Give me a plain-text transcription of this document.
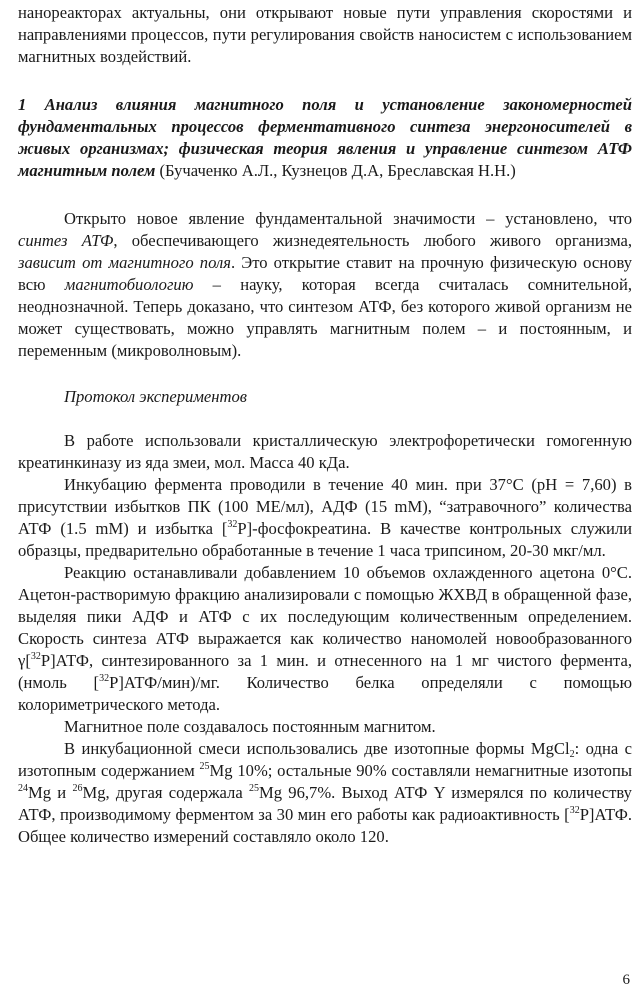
нанореакторах актуальны, они открывают новые пути управления скоростями и направлениями процессов, пути регулирования свойств наносистем с использованием магнитных воздействий.

1 Анализ влияния магнитного поля и установление закономерностей фундаментальных процессов ферментативного синтеза энергоносителей в живых организмах; физическая теория явления и управление синтезом АТФ магнитным полем (Бучаченко А.Л., Кузнецов Д.А, Бреславская Н.Н.)

Открыто новое явление фундаментальной значимости – установлено, что синтез АТФ, обеспечивающего жизнедеятельность любого живого организма, зависит от магнитного поля. Это открытие ставит на прочную физическую основу всю магнитобиологию – науку, которая всегда считалась сомнительной, неоднозначной. Теперь доказано, что синтезом АТФ, без которого живой организм не может существовать, можно управлять магнитным полем – и постоянным, и переменным (микроволновым).

Протокол экспериментов

В работе использовали кристаллическую электрофоретически гомогенную креатинкиназу из яда змеи, мол. Масса 40 кДа.

Инкубацию фермента проводили в течение 40 мин. при 37°С (рН = 7,60) в присутствии избытков ПК (100 МЕ/мл), АДФ (15 mM), “затравочного” количества АТФ (1.5 mM) и избытка [$^{32}$Р]-фосфокреатина. В качестве контрольных служили образцы, предварительно обработанные в течение 1 часа трипсином, 20-30 мкг/мл.

Реакцию останавливали добавлением 10 объемов охлажденного ацетона 0°С. Ацетон-растворимую фракцию анализировали с помощью ЖХВД в обращенной фазе, выделяя пики АДФ и АТФ с их последующим количественным определением. Скорость синтеза АТФ выражается как количество наномолей новообразованного γ[$^{32}$Р]АТФ, синтезированного за 1 мин. и отнесенного на 1 мг чистого фермента, (нмоль [$^{32}$Р]АТФ/мин)/мг. Количество белка определяли с помощью колориметрического метода.

Магнитное поле создавалось постоянным магнитом.

В инкубационной смеси использовались две изотопные формы MgCl$_2$: одна с изотопным содержанием $^{25}$Mg 10%; остальные 90% составляли немагнитные изотопы $^{24}$Mg и $^{26}$Mg, другая содержала $^{25}$Mg 96,7%. Выход АТФ Y измерялся по количеству АТФ, производимому ферментом за 30 мин его работы как радиоактивность [$^{32}$Р]АТФ. Общее количество измерений составляло около 120.

6
